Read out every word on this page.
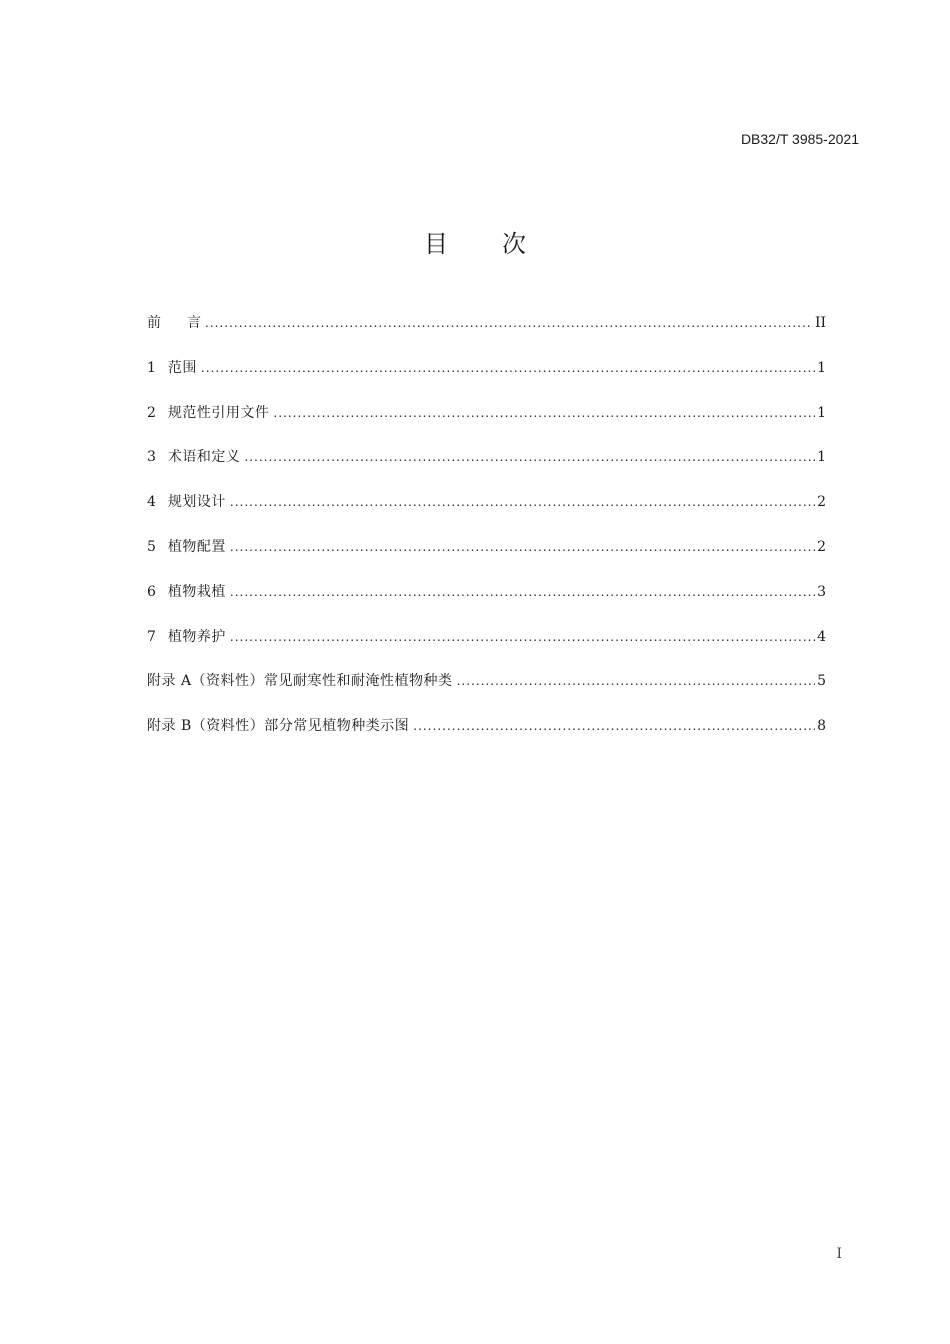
DB32/T 3985-2021
目 次
前 言 .....	II
1 范围 .....	1
2 规范性引用文件 .....	1
3 术语和定义 .....	1
4 规划设计 .....	2
5 植物配置 .....	2
6 植物栽植 .....	3
7 植物养护 .....	4
附录 A（资料性）常见耐寒性和耐淹性植物种类 .....	5
附录 B（资料性）部分常见植物种类示图 .....	8
I
